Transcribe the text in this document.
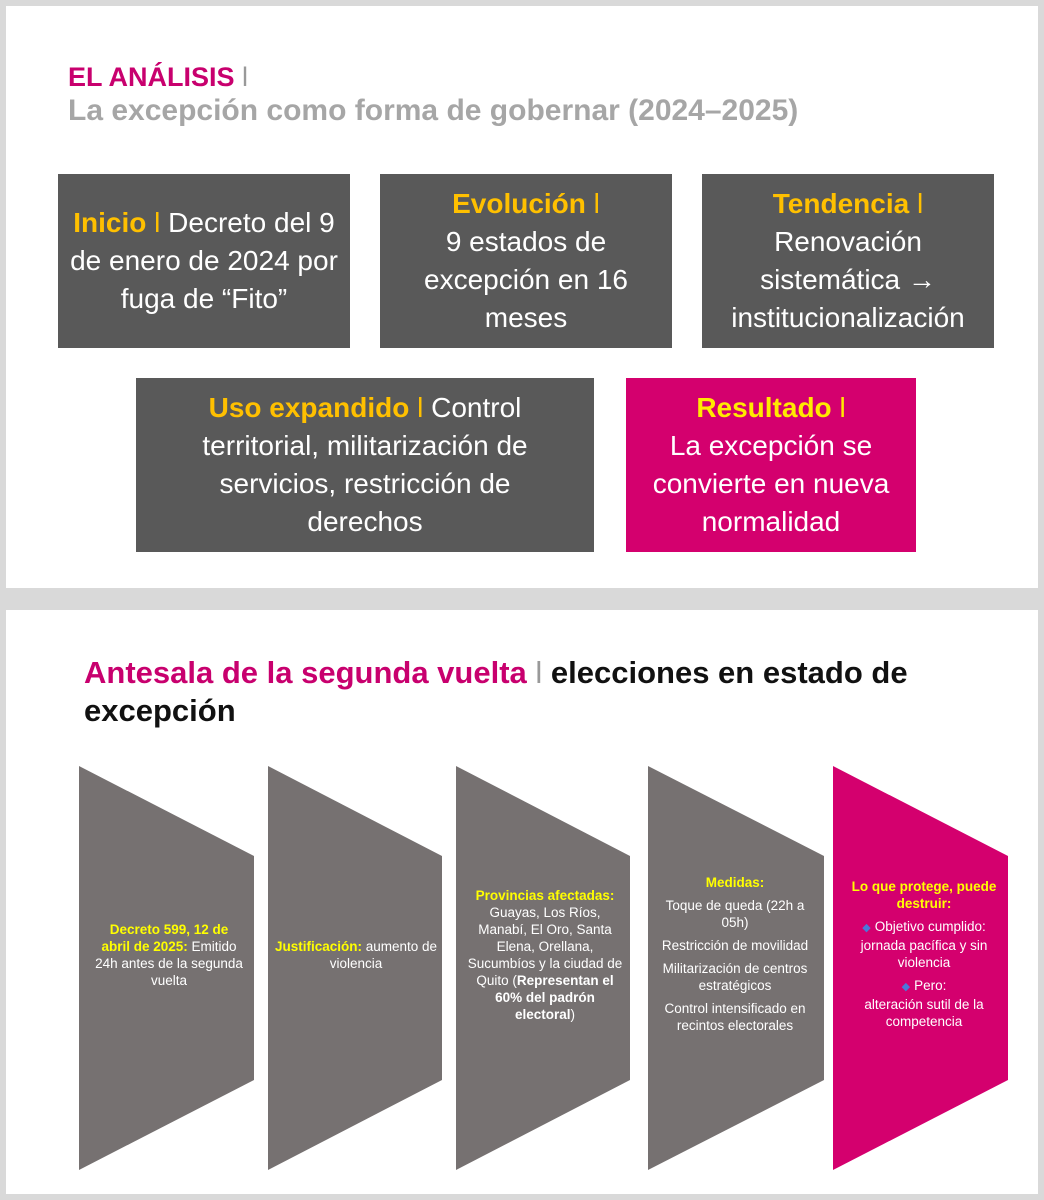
EL ANÁLISIS l
La excepción como forma de gobernar (2024–2025)
Inicio l Decreto del 9 de enero de 2024 por fuga de “Fito”
Evolución l
9 estados de excepción en 16 meses
Tendencia l
Renovación sistemática → institucionalización
Uso expandido l Control territorial, militarización de servicios, restricción de derechos
Resultado l
La excepción se convierte en nueva normalidad
Antesala de la segunda vuelta l elecciones en estado de excepción
Decreto 599, 12 de abril de 2025: Emitido 24h antes de la segunda vuelta
Justificación: aumento de violencia
Provincias afectadas:
Guayas, Los Ríos, Manabí, El Oro, Santa Elena, Orellana, Sucumbíos y la ciudad de Quito (Representan el 60% del padrón electoral)

Medidas:

Toque de queda (22h a 05h)

Restricción de movilidad

Militarización de centros estratégicos

Control intensificado en recintos electorales

Lo que protege, puede destruir:

◆ Objetivo cumplido: jornada pacífica y sin violencia

◆ Pero:

alteración sutil de la competencia
